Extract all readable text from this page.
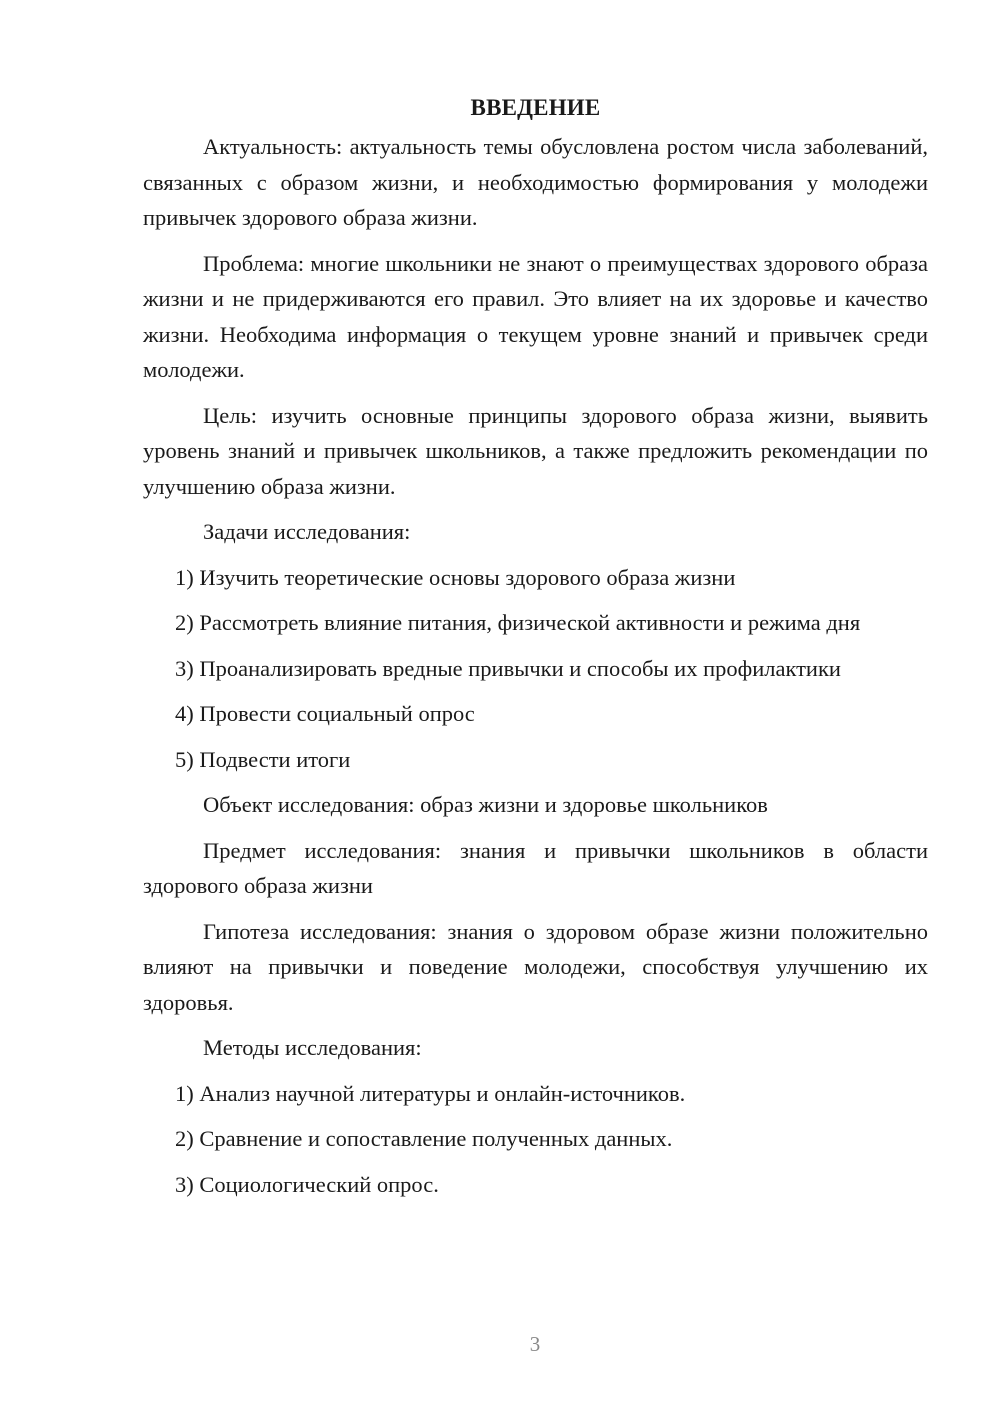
ВВЕДЕНИЕ

Актуальность: актуальность темы обусловлена ростом числа заболеваний, связанных с образом жизни, и необходимостью формирования у молодежи привычек здорового образа жизни.

Проблема: многие школьники не знают о преимуществах здорового образа жизни и не придерживаются его правил. Это влияет на их здоровье и качество жизни. Необходима информация о текущем уровне знаний и привычек среди молодежи.

Цель: изучить основные принципы здорового образа жизни, выявить уровень знаний и привычек школьников, а также предложить рекомендации по улучшению образа жизни.

Задачи исследования:
1) Изучить теоретические основы здорового образа жизни
2) Рассмотреть влияние питания, физической активности и режима дня
3) Проанализировать вредные привычки и способы их профилактики
4) Провести социальный опрос
5) Подвести итоги
Объект исследования: образ жизни и здоровье школьников

Предмет исследования: знания и привычки школьников в области здорового образа жизни

Гипотеза исследования: знания о здоровом образе жизни положительно влияют на привычки и поведение молодежи, способствуя улучшению их здоровья.

Методы исследования:
1) Анализ научной литературы и онлайн-источников.
2) Сравнение и сопоставление полученных данных.
3) Социологический опрос.
3
